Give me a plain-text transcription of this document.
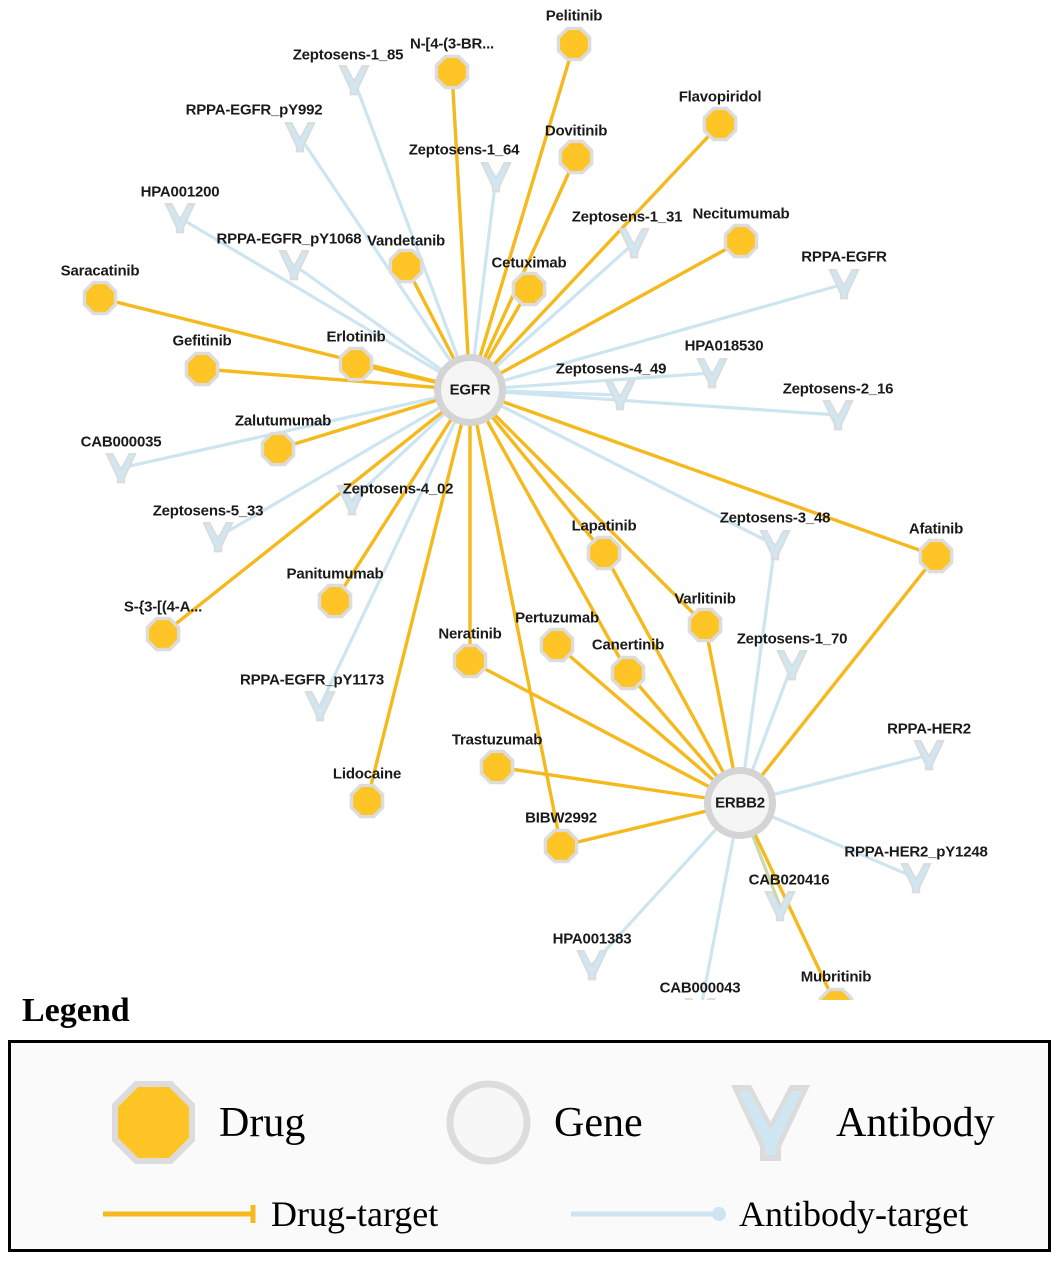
Pelitinib
N-[4-(3-BR...
Flavopiridol
Dovitinib
Necitumumab
Vandetanib
Cetuximab
Saracatinib
Gefitinib	Erlotinib
Zalutumumab
Afatinib
Lapatinib
Varlitinib
S-{3-[(4-A...
Panitumumab
Pertuzumab
Neratinib
Canertinib
Trastuzumab
Lidocaine
BIBW2992
Mubritinib
Zeptosens-1_85
RPPA-EGFR_pY992
Zeptosens-1_64
HPA001200
Zeptosens-1_31
RPPA-EGFR_pY1068
RPPA-EGFR
HPA018530
Zeptosens-4_49
Zeptosens-2_16
CAB000035
Zeptosens-4_02
Zeptosens-5_33	Zeptosens-3_48
Zeptosens-1_70
RPPA-EGFR_pY1173
RPPA-HER2
RPPA-HER2_pY1248
CAB020416
HPA001383
CAB000043
EGFR
ERBB2
Legend
Drug	Gene	Antibody
Drug-target	Antibody-target
